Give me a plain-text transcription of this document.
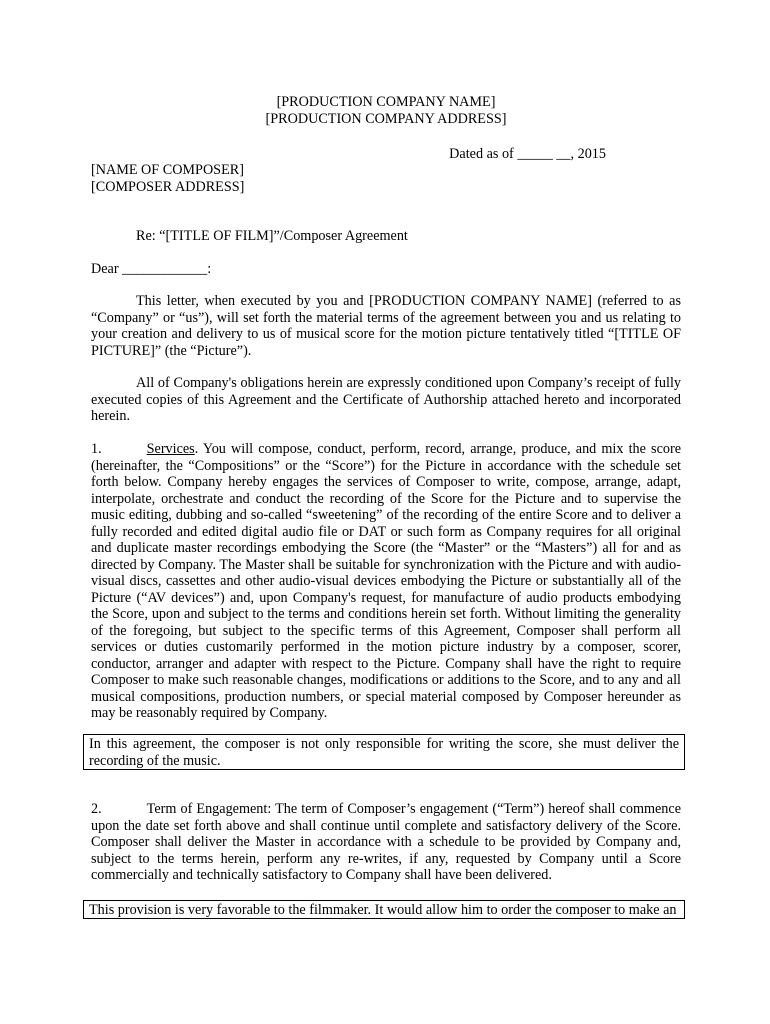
[PRODUCTION COMPANY NAME]
[PRODUCTION COMPANY ADDRESS]
Dated as of _____ __, 2015
[NAME OF COMPOSER]
[COMPOSER ADDRESS]
Re: “[TITLE OF FILM]”/Composer Agreement
Dear ____________:
This letter, when executed by you and [PRODUCTION COMPANY NAME] (referred to as “Company” or “us”), will set forth the material terms of the agreement between you and us relating to your creation and delivery to us of musical score for the motion picture tentatively titled “[TITLE OF PICTURE]” (the “Picture”).
All of Company's obligations herein are expressly conditioned upon Company’s receipt of fully executed copies of this Agreement and the Certificate of Authorship attached hereto and incorporated herein.
1.	Services. You will compose, conduct, perform, record, arrange, produce, and mix the score (hereinafter, the “Compositions” or the “Score”) for the Picture in accordance with the schedule set forth below. Company hereby engages the services of Composer to write, compose, arrange, adapt, interpolate, orchestrate and conduct the recording of the Score for the Picture and to supervise the music editing, dubbing and so-called “sweetening” of the recording of the entire Score and to deliver a fully recorded and edited digital audio file or DAT or such form as Company requires for all original and duplicate master recordings embodying the Score (the “Master” or the “Masters”) all for and as directed by Company. The Master shall be suitable for synchronization with the Picture and with audio-visual discs, cassettes and other audio-visual devices embodying the Picture or substantially all of the Picture (“AV devices”) and, upon Company's request, for manufacture of audio products embodying the Score, upon and subject to the terms and conditions herein set forth. Without limiting the generality of the foregoing, but subject to the specific terms of this Agreement, Composer shall perform all services or duties customarily performed in the motion picture industry by a composer, scorer, conductor, arranger and adapter with respect to the Picture. Company shall have the right to require Composer to make such reasonable changes, modifications or additions to the Score, and to any and all musical compositions, production numbers, or special material composed by Composer hereunder as may be reasonably required by Company.
In this agreement, the composer is not only responsible for writing the score, she must deliver the recording of the music.
2.	Term of Engagement: The term of Composer’s engagement (“Term”) hereof shall commence upon the date set forth above and shall continue until complete and satisfactory delivery of the Score. Composer shall deliver the Master in accordance with a schedule to be provided by Company and, subject to the terms herein, perform any re-writes, if any, requested by Company until a Score commercially and technically satisfactory to Company shall have been delivered.
This provision is very favorable to the filmmaker. It would allow him to order the composer to make an
